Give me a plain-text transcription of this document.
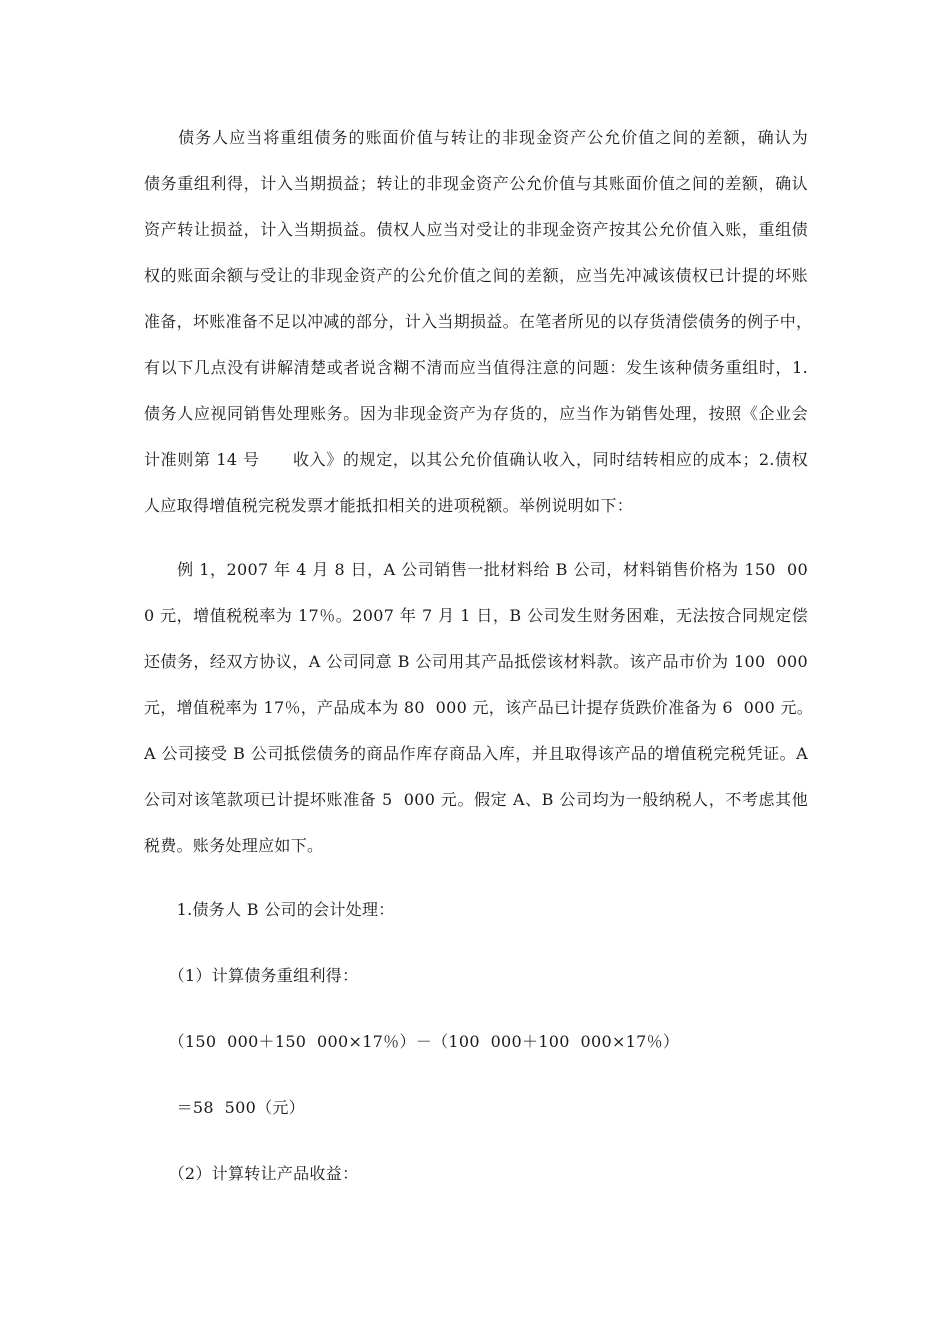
　　债务人应当将重组债务的账面价值与转让的非现金资产公允价值之间的差额，确认为
债务重组利得，计入当期损益；转让的非现金资产公允价值与其账面价值之间的差额，确认
资产转让损益，计入当期损益。债权人应当对受让的非现金资产按其公允价值入账，重组债
权的账面余额与受让的非现金资产的公允价值之间的差额，应当先冲减该债权已计提的坏账
准备，坏账准备不足以冲减的部分，计入当期损益。在笔者所见的以存货清偿债务的例子中，
有以下几点没有讲解清楚或者说含糊不清而应当值得注意的问题：发生该种债务重组时，1.
债务人应视同销售处理账务。因为非现金资产为存货的，应当作为销售处理，按照《企业会
计准则第 14 号　　收入》的规定，以其公允价值确认收入，同时结转相应的成本；2.债权
人应取得增值税完税发票才能抵扣相关的进项税额。举例说明如下：
　　例 1，2007 年 4 月 8 日，A 公司销售一批材料给 B 公司，材料销售价格为 150  00
0 元，增值税税率为 17％。2007 年 7 月 1 日，B 公司发生财务困难，无法按合同规定偿
还债务，经双方协议，A 公司同意 B 公司用其产品抵偿该材料款。该产品市价为 100  000
元，增值税率为 17％，产品成本为 80  000 元，该产品已计提存货跌价准备为 6  000 元。
A 公司接受 B 公司抵偿债务的商品作库存商品入库，并且取得该产品的增值税完税凭证。A
公司对该笔款项已计提坏账准备 5  000 元。假定 A、B 公司均为一般纳税人，不考虑其他
税费。账务处理应如下。
　　1.债务人 B 公司的会计处理：
　　（1）计算债务重组利得：
　　（150  000＋150  000×17％）－（100  000＋100  000×17％）
　　＝58  500（元）
　　（2）计算转让产品收益：
